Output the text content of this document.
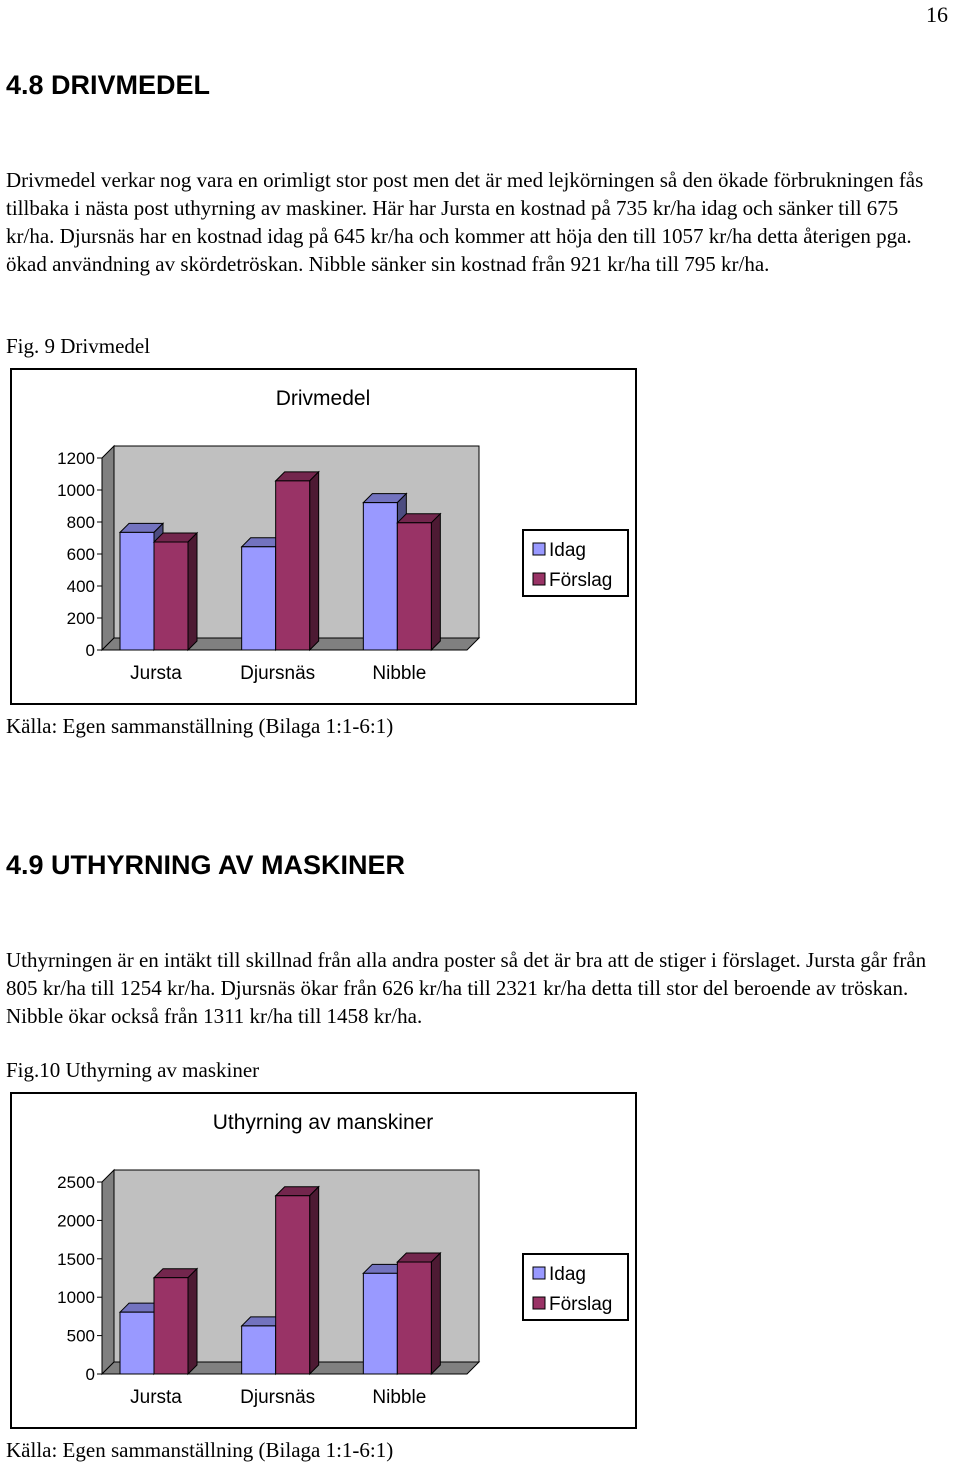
16
4.8 DRIVMEDEL

Drivmedel verkar nog vara en orimligt stor post men det är med lejkörningen så den ökade förbrukningen fås tillbaka i nästa post uthyrning av maskiner. Här har Jursta en kostnad på 735 kr/ha idag och sänker till 675 kr/ha. Djursnäs har en kostnad idag på 645 kr/ha och kommer att höja den till 1057 kr/ha detta återigen pga. ökad användning av skördetröskan. Nibble sänker sin kostnad från 921 kr/ha till 795 kr/ha.

Fig. 9 Drivmedel
Drivmedel
0
200
400
600
800
1000
1200
Jursta	Djursnäs	Nibble
Idag
Förslag
Källa: Egen sammanställning (Bilaga 1:1-6:1)
4.9 UTHYRNING AV MASKINER

Uthyrningen är en intäkt till skillnad från alla andra poster så det är bra att de stiger i förslaget. Jursta går från 805 kr/ha till 1254 kr/ha. Djursnäs ökar från 626 kr/ha till 2321 kr/ha detta till stor del beroende av tröskan. Nibble ökar också från 1311 kr/ha till 1458 kr/ha.

Fig.10 Uthyrning av maskiner
Uthyrning av manskiner
0
500
1000
1500
2000
2500
Jursta	Djursnäs	Nibble
Idag
Förslag
Källa: Egen sammanställning (Bilaga 1:1-6:1)
